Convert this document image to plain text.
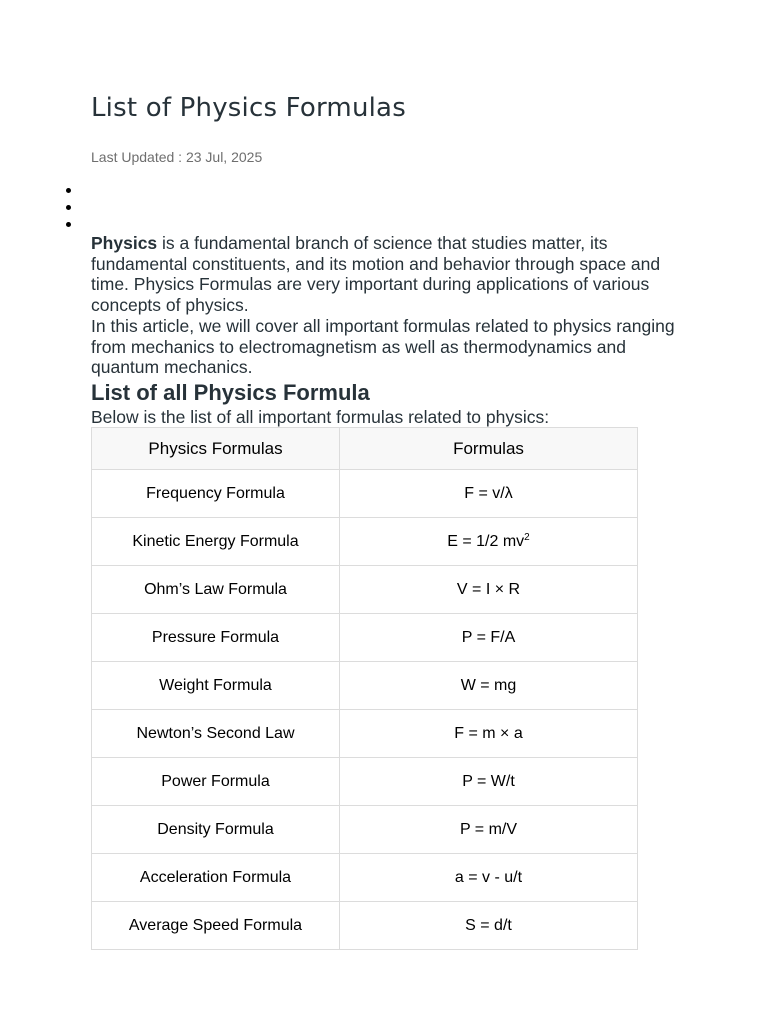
List of Physics Formulas
Last Updated : 23 Jul, 2025
Physics is a fundamental branch of science that studies matter, its fundamental constituents, and its motion and behavior through space and time. Physics Formulas are very important during applications of various concepts of physics.
In this article, we will cover all important formulas related to physics ranging from mechanics to electromagnetism as well as thermodynamics and quantum mechanics.
List of all Physics Formula

Below is the list of all important formulas related to physics:

Physics Formulas	Formulas
Frequency Formula	F = v/λ
Kinetic Energy Formula	E = 1/2 $mv^2$
Ohm’s Law Formula	V = I × R
Pressure Formula	P = F/A
Weight Formula	W = mg
Newton’s Second Law	F = m × a
Power Formula	P = W/t
Density Formula	P = m/V
Acceleration Formula	a = v - u/t
Average Speed Formula	S = d/t
